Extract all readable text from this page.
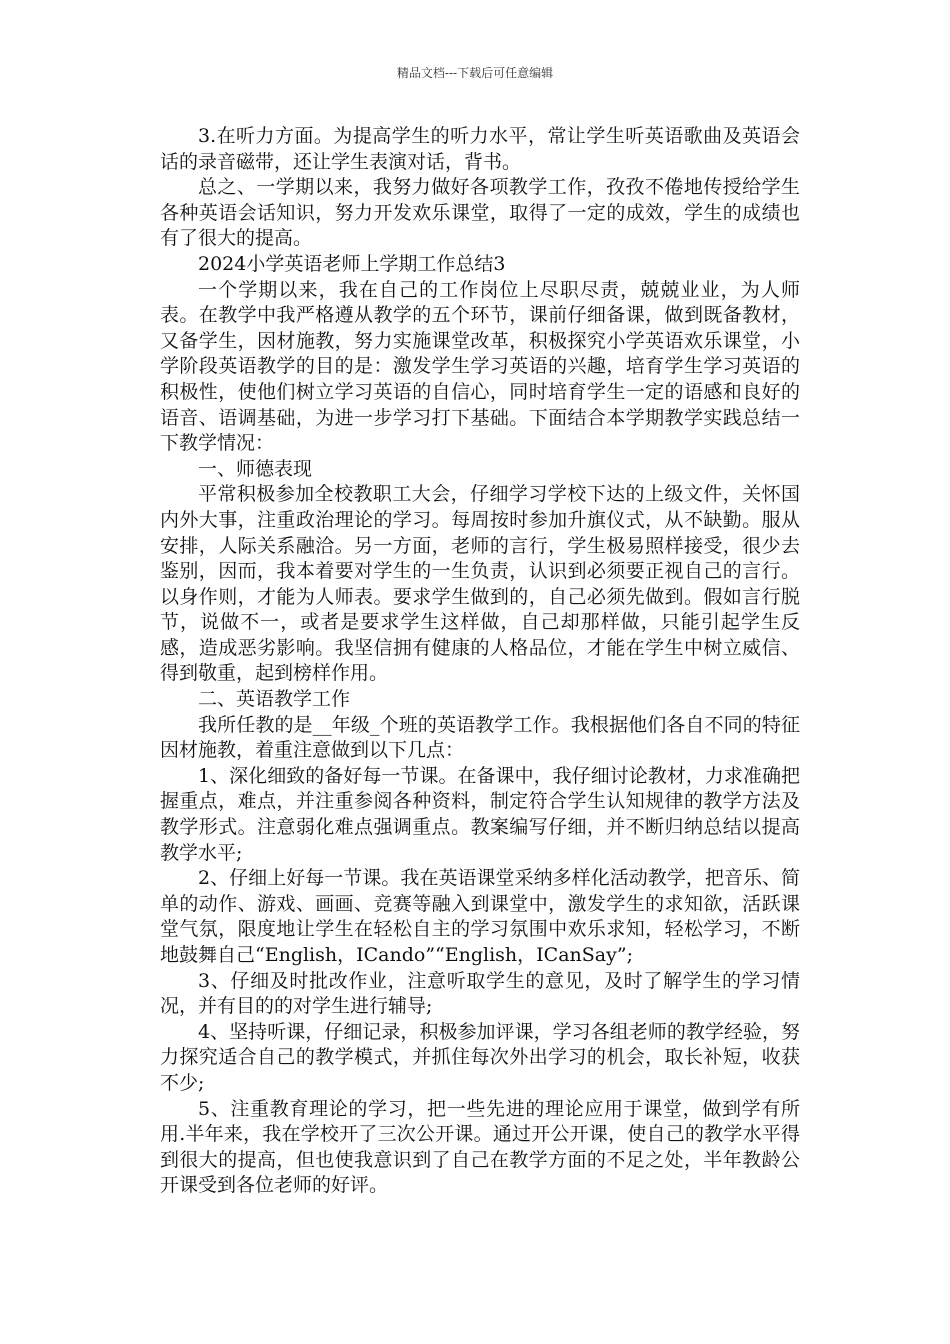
精品文档---下载后可任意编辑

3.在听力方面。为提高学生的听力水平，常让学生听英语歌曲及英语会话的录音磁带，还让学生表演对话，背书。

总之、一学期以来，我努力做好各项教学工作，孜孜不倦地传授给学生各种英语会话知识，努力开发欢乐课堂，取得了一定的成效，学生的成绩也有了很大的提高。

2024小学英语老师上学期工作总结3

一个学期以来，我在自己的工作岗位上尽职尽责，兢兢业业，为人师表。在教学中我严格遵从教学的五个环节，课前仔细备课，做到既备教材，又备学生，因材施教，努力实施课堂改革，积极探究小学英语欢乐课堂，小学阶段英语教学的目的是：激发学生学习英语的兴趣，培育学生学习英语的积极性，使他们树立学习英语的自信心，同时培育学生一定的语感和良好的语音、语调基础，为进一步学习打下基础。下面结合本学期教学实践总结一下教学情况：

一、师德表现

平常积极参加全校教职工大会，仔细学习学校下达的上级文件，关怀国内外大事，注重政治理论的学习。每周按时参加升旗仪式，从不缺勤。服从安排，人际关系融洽。另一方面，老师的言行，学生极易照样接受，很少去鉴别，因而，我本着要对学生的一生负责，认识到必须要正视自己的言行。以身作则，才能为人师表。要求学生做到的，自己必须先做到。假如言行脱节，说做不一，或者是要求学生这样做，自己却那样做，只能引起学生反感，造成恶劣影响。我坚信拥有健康的人格品位，才能在学生中树立威信、得到敬重，起到榜样作用。

二、英语教学工作

我所任教的是__年级_个班的英语教学工作。我根据他们各自不同的特征因材施教，着重注意做到以下几点：

1、深化细致的备好每一节课。在备课中，我仔细讨论教材，力求准确把握重点，难点，并注重参阅各种资料，制定符合学生认知规律的教学方法及教学形式。注意弱化难点强调重点。教案编写仔细，并不断归纳总结以提高教学水平;

2、仔细上好每一节课。我在英语课堂采纳多样化活动教学，把音乐、简单的动作、游戏、画画、竞赛等融入到课堂中，激发学生的求知欲，活跃课堂气氛，限度地让学生在轻松自主的学习氛围中欢乐求知，轻松学习，不断地鼓舞自己“English，ICando”“English，ICanSay”;

3、仔细及时批改作业，注意听取学生的意见，及时了解学生的学习情况，并有目的的对学生进行辅导;

4、坚持听课，仔细记录，积极参加评课，学习各组老师的教学经验，努力探究适合自己的教学模式，并抓住每次外出学习的机会，取长补短，收获不少;

5、注重教育理论的学习，把一些先进的理论应用于课堂，做到学有所用.半年来，我在学校开了三次公开课。通过开公开课，使自己的教学水平得到很大的提高，但也使我意识到了自己在教学方面的不足之处，半年教龄公开课受到各位老师的好评。
